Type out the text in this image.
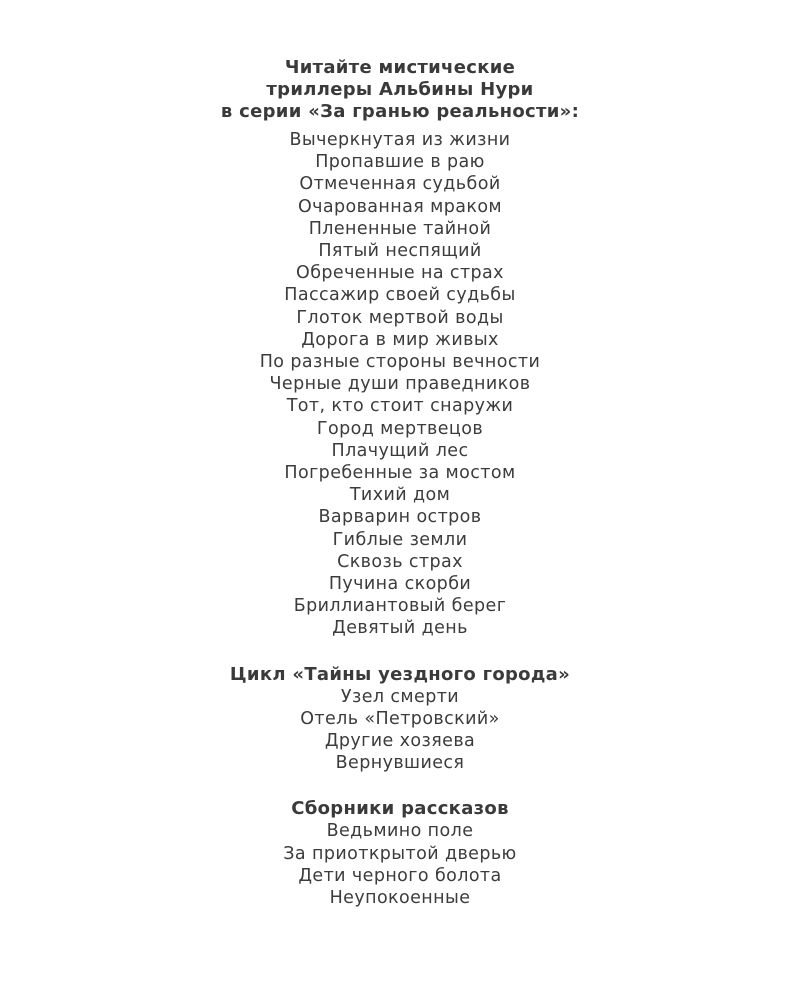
Читайте мистические
триллеры Альбины Нури
в серии «За гранью реальности»:
Вычеркнутая из жизни
Пропавшие в раю
Отмеченная судьбой
Очарованная мраком
Плененные тайной
Пятый неспящий
Обреченные на страх
Пассажир своей судьбы
Глоток мертвой воды
Дорога в мир живых
По разные стороны вечности
Черные души праведников
Тот, кто стоит снаружи
Город мертвецов
Плачущий лес
Погребенные за мостом
Тихий дом
Варварин остров
Гиблые земли
Сквозь страх
Пучина скорби
Бриллиантовый берег
Девятый день
Цикл «Тайны уездного города»
Узел смерти
Отель «Петровский»
Другие хозяева
Вернувшиеся
Сборники рассказов
Ведьмино поле
За приоткрытой дверью
Дети черного болота
Неупокоенные
